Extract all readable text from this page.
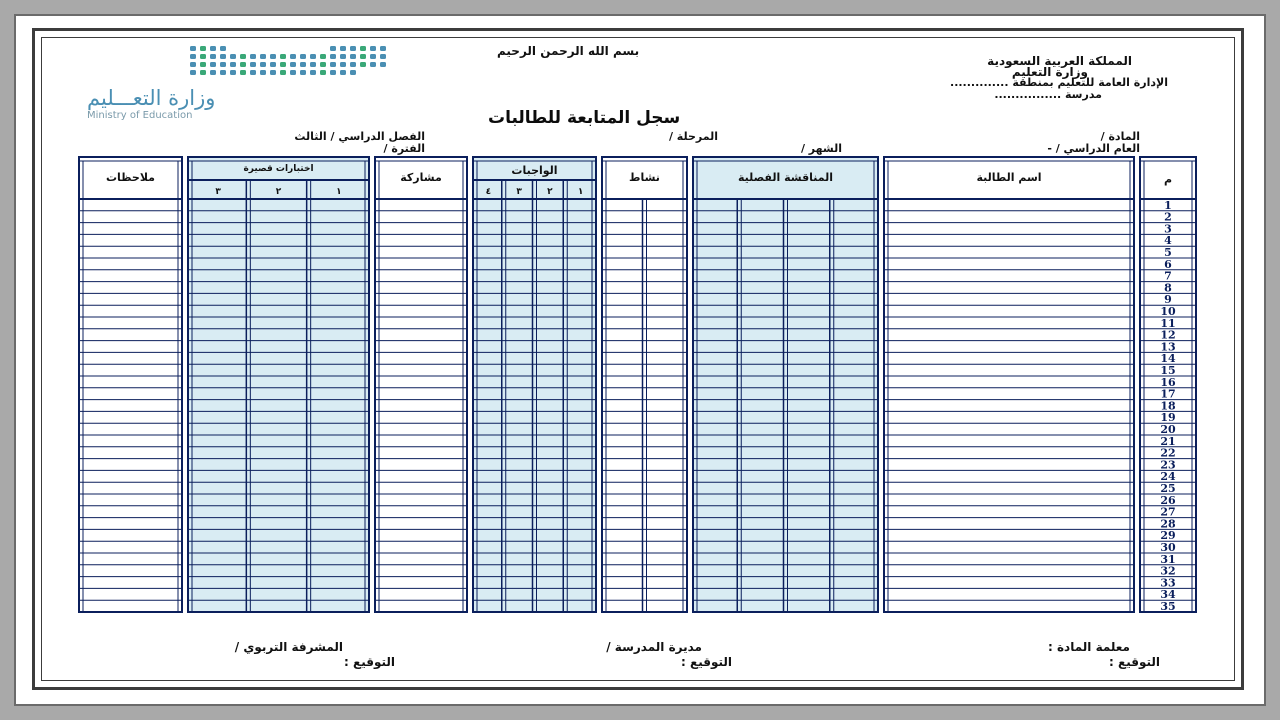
وزارة التعـــليم
Ministry of Education
بسم الله الرحمن الرحيم
المملكة العربية السعودية
وزارة التعليم
الإدارة العامة للتعليم بمنطقة ..............
مدرسة ................
سجل المتابعة للطالبات
المادة /
العام الدراسي / -
المرحلة /
الشهر /
الفصل الدراسي / الثالث
الفترة /
م
اسم الطالبة
المناقشة الفصلية
نشاط
الواجبات
مشاركة
اختبارات قصيرة
ملاحظات
١
٢
٣
٤
١
٢
٣
1
2
3
4
5
6
7
8
9
10
11
12
13
14
15
16
17
18
19
20
21
22
23
24
25
26
27
28
29
30
31
32
33
34
35
معلمة المادة :
التوقيع :
مديرة المدرسة /
التوقيع :
المشرفة التربوي /
التوقيع :
